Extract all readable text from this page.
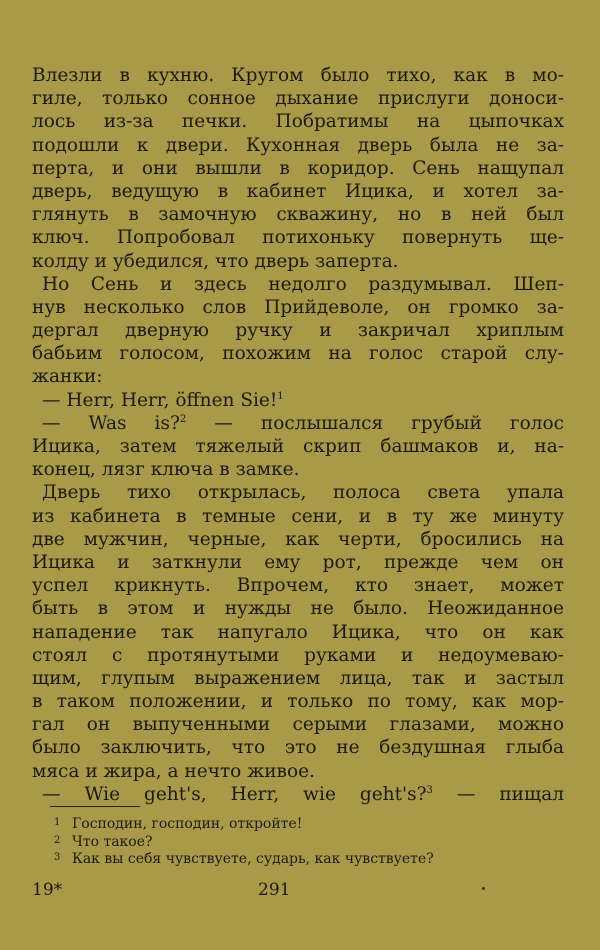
Влезли в кухню. Кругом было тихо, как в мо-
гиле, только сонное дыхание прислуги доноси-
лось из-за печки. Побратимы на цыпочках
подошли к двери. Кухонная дверь была не за-
перта, и они вышли в коридор. Сень нащупал
дверь, ведущую в кабинет Ицика, и хотел за-
глянуть в замочную скважину, но в ней был
ключ. Попробовал потихоньку повернуть ще-
колду и убедился, что дверь заперта.
Но Сень и здесь недолго раздумывал. Шеп-
нув несколько слов Прийдеволе, он громко за-
дергал дверную ручку и закричал хриплым
бабьим голосом, похожим на голос старой слу-
жанки:
— Herr, Herr, öffnen Sie!$^1$
— Was is?$^2$ — послышался грубый голос
Ицика, затем тяжелый скрип башмаков и, на-
конец, лязг ключа в замке.
Дверь тихо открылась, полоса света упала
из кабинета в темные сени, и в ту же минуту
две мужчин, черные, как черти, бросились на
Ицика и заткнули ему рот, прежде чем он
успел крикнуть. Впрочем, кто знает, может
быть в этом и нужды не было. Неожиданное
нападение так напугало Ицика, что он как
стоял с протянутыми руками и недоумеваю-
щим, глупым выражением лица, так и застыл
в таком положении, и только по тому, как мор-
гал он выпученными серыми глазами, можно
было заключить, что это не бездушная глыба
мяса и жира, а нечто живое.
— Wie geht's, Herr, wie geht's?$^3$ — пищал
1 Господин, господин, откройте!
2 Что такое?
3 Как вы себя чувствуете, сударь, как чувствуете?
19*	291
